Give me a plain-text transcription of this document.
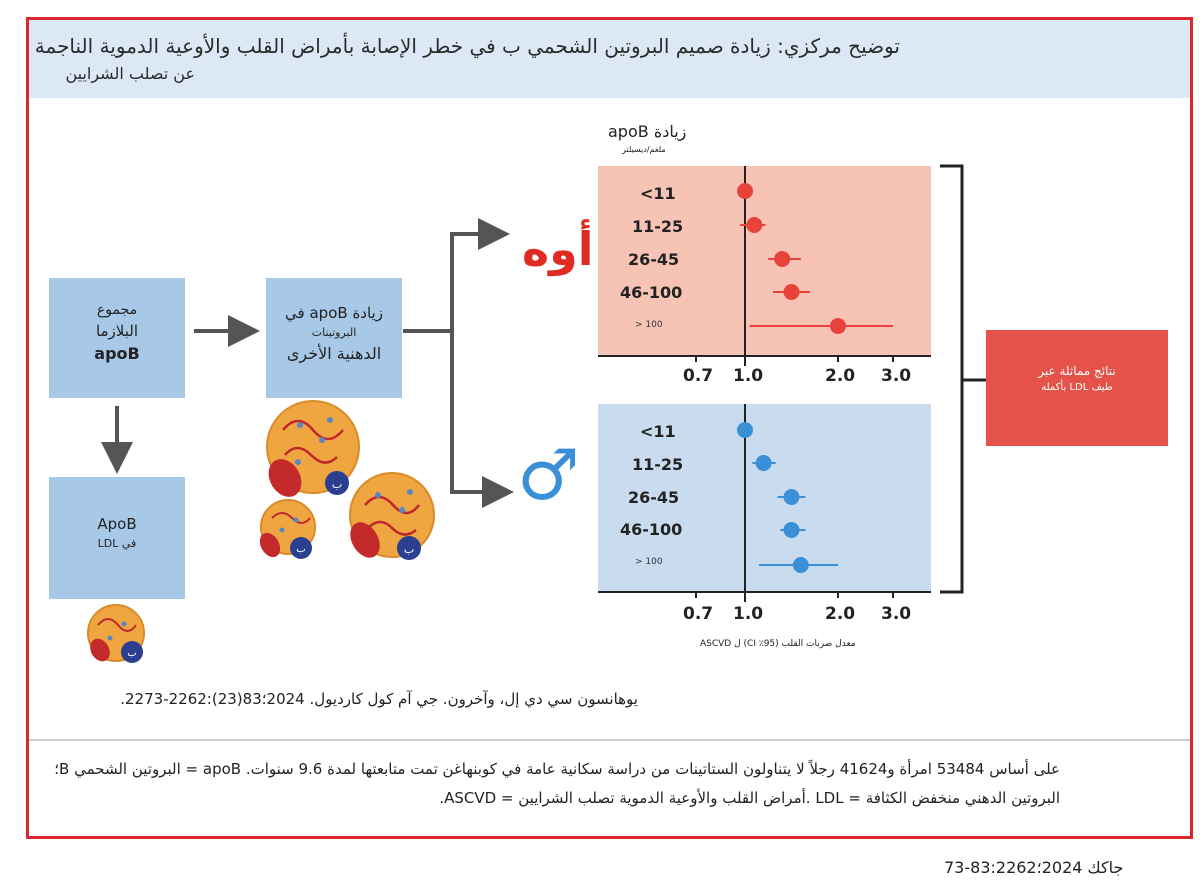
توضيح مركزي: زيادة صميم البروتين الشحمي ب في خطر الإصابة بأمراض القلب والأوعية الدموية الناجمة
عن تصلب الشرايين
مجموع
البلازما
apoB
ApoB
في LDL
زيادة apoB في
البروتينات
الدهنية الأخرى
ب
ب	ب
ب
أوه
♂
زيادة apoB
ملغم/ديسيلتر
<11
11-25
26-45
46-100
> 100
<11
11-25
26-45
46-100
> 100
0.7 1.0	2.0 3.0
0.7 1.0	2.0 3.0
معدل ضربات القلب (95٪ CI) ل ASCVD
نتائج مماثلة عبر
طيف LDL بأكمله
يوهانسون سي دي إل، وآخرون. جي آم كول كارديول. 2024؛83(23):2262-2273.
على أساس 53484 امرأة و41624 رجلاً لا يتناولون الستاتينات من دراسة سكانية عامة في كوبنهاغن تمت متابعتها لمدة 9.6 سنوات. apoB = البروتين الشحمي B؛
البروتين الدهني منخفض الكثافة = LDL .أمراض القلب والأوعية الدموية تصلب الشرايين = ASCVD.
جاكك 2024؛83:2262-73
